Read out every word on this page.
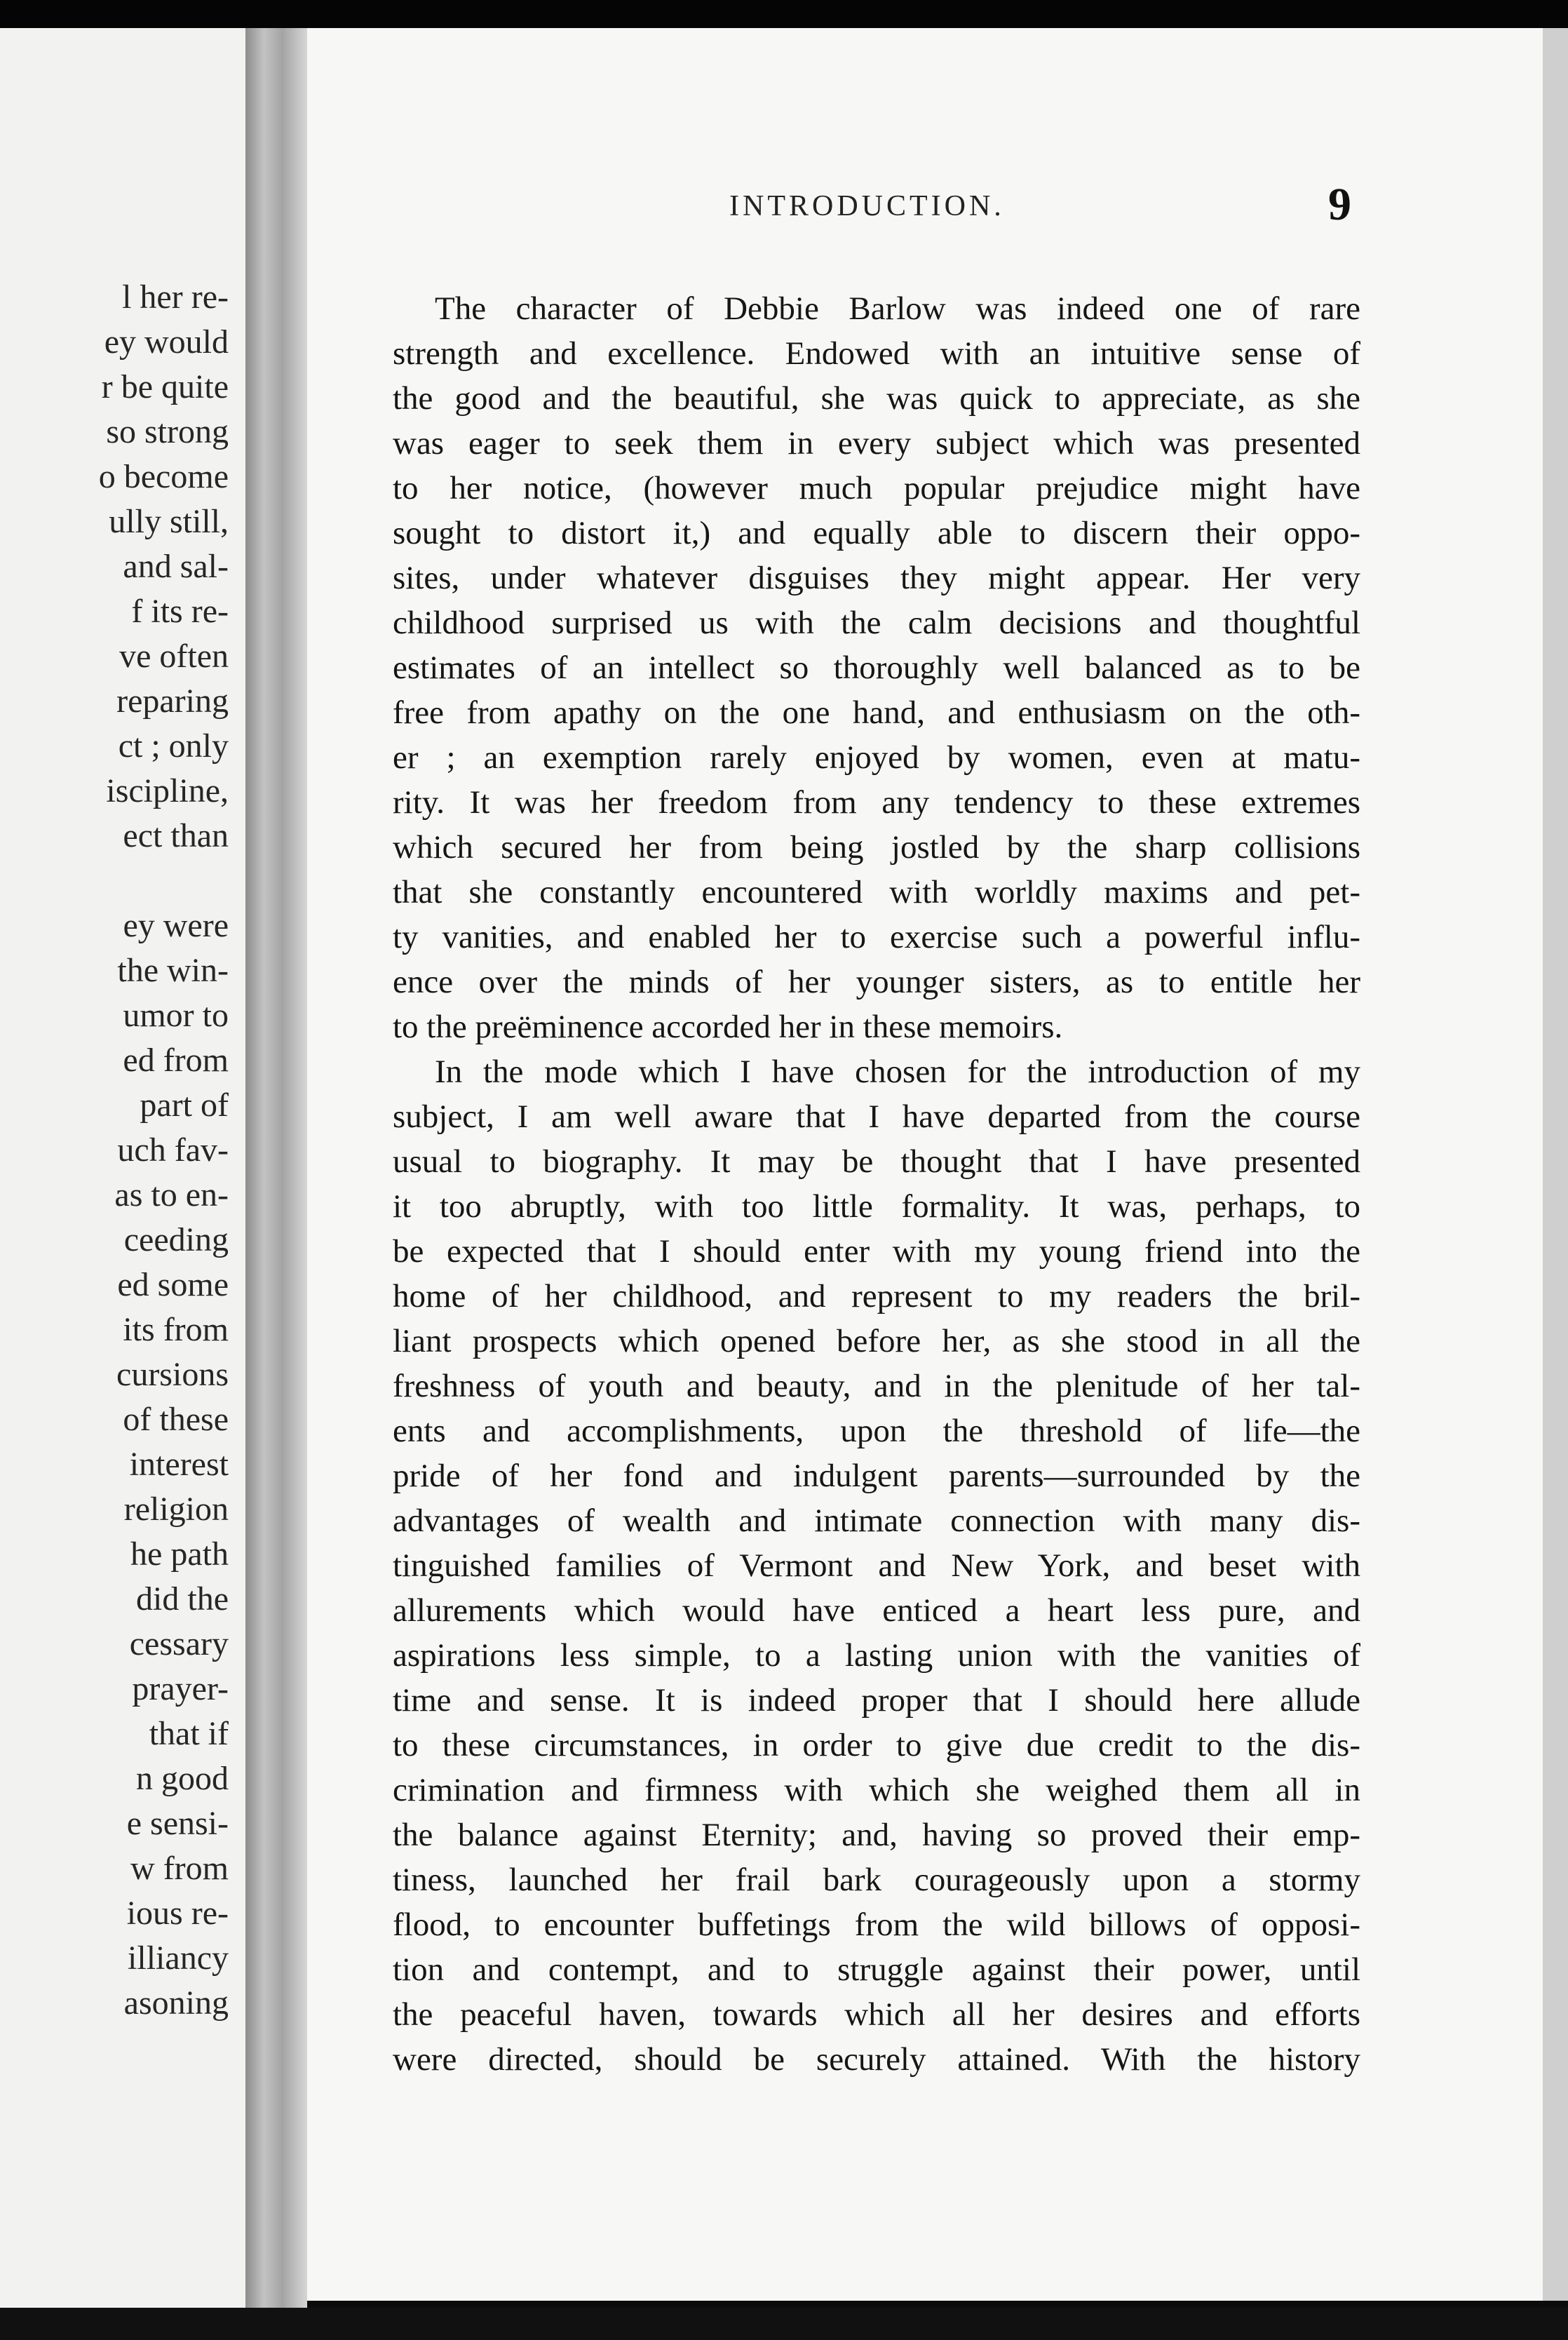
l her re-
ey would
r be quite
so strong
o become
ully still,
and sal-
f its re-
ve often
reparing
ct ; only
iscipline,
ect than
ey were
the win-
umor to
ed from
part of
uch fav-
as to en-
ceeding
ed some
its from
cursions
of these
interest
religion
he path
did the
cessary
prayer-
that if
n good
e sensi-
w from
ious re-
illiancy
asoning
INTRODUCTION.	9
The character of Debbie Barlow was indeed one of rare
strength and excellence. Endowed with an intuitive sense of
the good and the beautiful, she was quick to appreciate, as she
was eager to seek them in every subject which was presented
to her notice, (however much popular prejudice might have
sought to distort it,) and equally able to discern their oppo-
sites, under whatever disguises they might appear. Her very
childhood surprised us with the calm decisions and thoughtful
estimates of an intellect so thoroughly well balanced as to be
free from apathy on the one hand, and enthusiasm on the oth-
er ; an exemption rarely enjoyed by women, even at matu-
rity. It was her freedom from any tendency to these extremes
which secured her from being jostled by the sharp collisions
that she constantly encountered with worldly maxims and pet-
ty vanities, and enabled her to exercise such a powerful influ-
ence over the minds of her younger sisters, as to entitle her
to the preëminence accorded her in these memoirs.
In the mode which I have chosen for the introduction of my
subject, I am well aware that I have departed from the course
usual to biography. It may be thought that I have presented
it too abruptly, with too little formality. It was, perhaps, to
be expected that I should enter with my young friend into the
home of her childhood, and represent to my readers the bril-
liant prospects which opened before her, as she stood in all the
freshness of youth and beauty, and in the plenitude of her tal-
ents and accomplishments, upon the threshold of life—the
pride of her fond and indulgent parents—surrounded by the
advantages of wealth and intimate connection with many dis-
tinguished families of Vermont and New York, and beset with
allurements which would have enticed a heart less pure, and
aspirations less simple, to a lasting union with the vanities of
time and sense. It is indeed proper that I should here allude
to these circumstances, in order to give due credit to the dis-
crimination and firmness with which she weighed them all in
the balance against Eternity; and, having so proved their emp-
tiness, launched her frail bark courageously upon a stormy
flood, to encounter buffetings from the wild billows of opposi-
tion and contempt, and to struggle against their power, until
the peaceful haven, towards which all her desires and efforts
were directed, should be securely attained. With the history
